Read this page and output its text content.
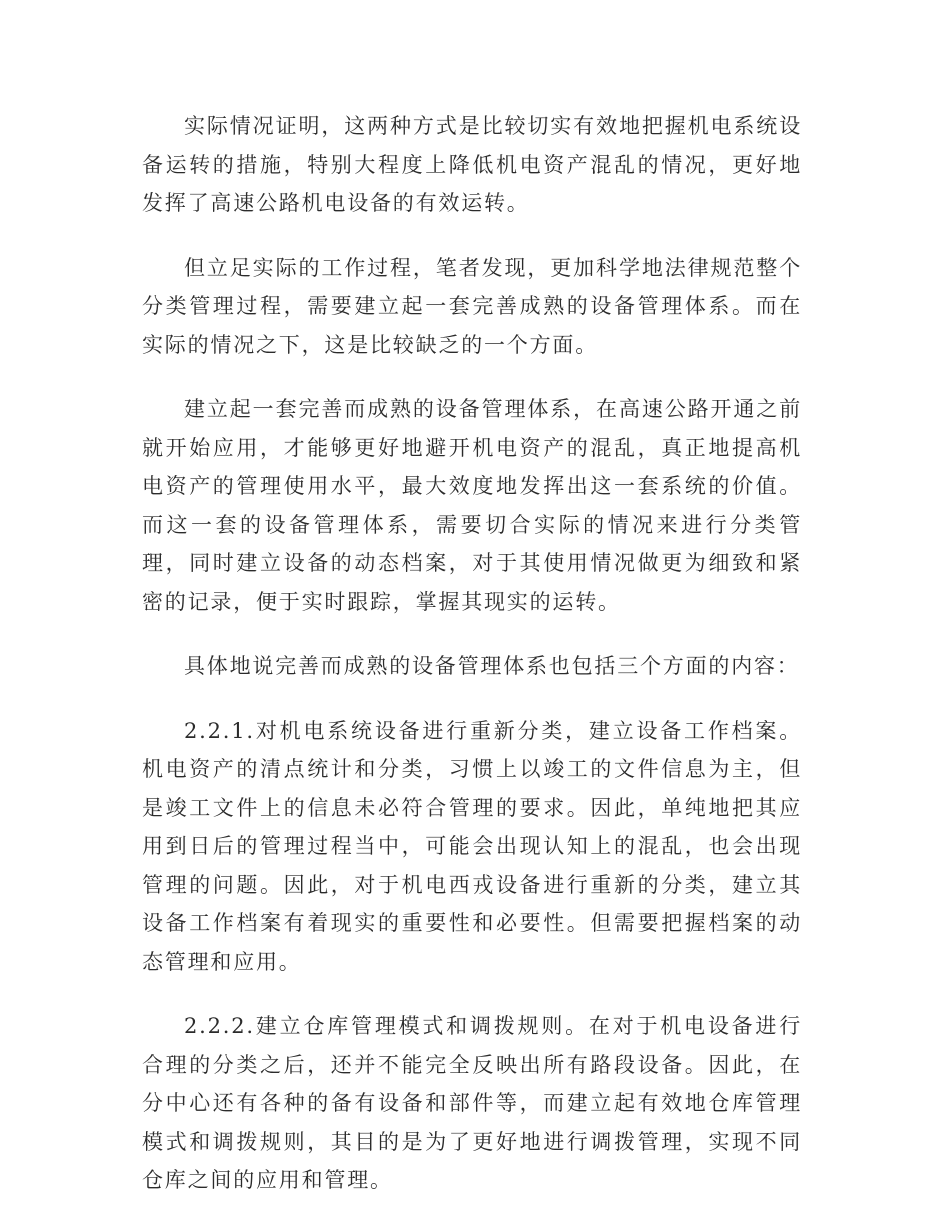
实际情况证明，这两种方式是比较切实有效地把握机电系统设备运转的措施，特别大程度上降低机电资产混乱的情况，更好地发挥了高速公路机电设备的有效运转。

但立足实际的工作过程，笔者发现，更加科学地法律规范整个分类管理过程，需要建立起一套完善成熟的设备管理体系。而在实际的情况之下，这是比较缺乏的一个方面。

建立起一套完善而成熟的设备管理体系，在高速公路开通之前就开始应用，才能够更好地避开机电资产的混乱，真正地提高机电资产的管理使用水平，最大效度地发挥出这一套系统的价值。而这一套的设备管理体系，需要切合实际的情况来进行分类管理，同时建立设备的动态档案，对于其使用情况做更为细致和紧密的记录，便于实时跟踪，掌握其现实的运转。

具体地说完善而成熟的设备管理体系也包括三个方面的内容：

2.2.1.对机电系统设备进行重新分类，建立设备工作档案。机电资产的清点统计和分类，习惯上以竣工的文件信息为主，但是竣工文件上的信息未必符合管理的要求。因此，单纯地把其应用到日后的管理过程当中，可能会出现认知上的混乱，也会出现管理的问题。因此，对于机电西戎设备进行重新的分类，建立其设备工作档案有着现实的重要性和必要性。但需要把握档案的动态管理和应用。

2.2.2.建立仓库管理模式和调拨规则。在对于机电设备进行合理的分类之后，还并不能完全反映出所有路段设备。因此，在分中心还有各种的备有设备和部件等，而建立起有效地仓库管理模式和调拨规则，其目的是为了更好地进行调拨管理，实现不同仓库之间的应用和管理。
